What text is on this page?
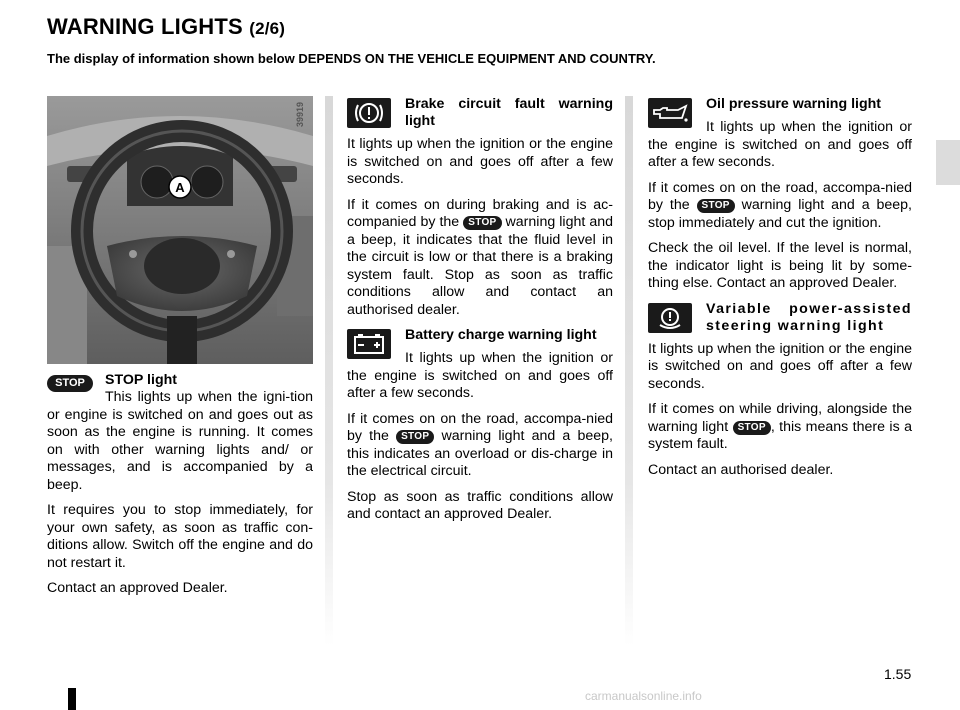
WARNING LIGHTS (2/6)
The display of information shown below DEPENDS ON THE VEHICLE EQUIPMENT AND COUNTRY.
A
39919
STOP	STOP light

This lights up when the igni-tion or engine is switched on and goes out as soon as the engine is running. It comes on with other warning lights and/ or messages, and is accompanied by a beep.

It requires you to stop immediately, for your own safety, as soon as traffic con-ditions allow. Switch off the engine and do not restart it.

Contact an approved Dealer.

Brake circuit fault warning light

It lights up when the ignition or the engine is switched on and goes off after a few seconds.

If it comes on during braking and is ac-companied by the STOP warning light and a beep, it indicates that the fluid level in the circuit is low or that there is a braking system fault. Stop as soon as traffic conditions allow and contact an authorised dealer.

Battery charge warning light

It lights up when the ignition or the engine is switched on and goes off after a few seconds.

If it comes on on the road, accompa-nied by the STOP warning light and a beep, this indicates an overload or dis-charge in the electrical circuit.

Stop as soon as traffic conditions allow and contact an approved Dealer.

Oil pressure warning light

It lights up when the ignition or the engine is switched on and goes off after a few seconds.

If it comes on on the road, accompa-nied by the STOP warning light and a beep, stop immediately and cut the ignition.

Check the oil level. If the level is normal, the indicator light is being lit by some-thing else. Contact an approved Dealer.

Variable power-assisted steering warning light

It lights up when the ignition or the engine is switched on and goes off after a few seconds.

If it comes on while driving, alongside the warning light STOP , this means there is a system fault.

Contact an authorised dealer.

1.55
carmanualsonline.info
